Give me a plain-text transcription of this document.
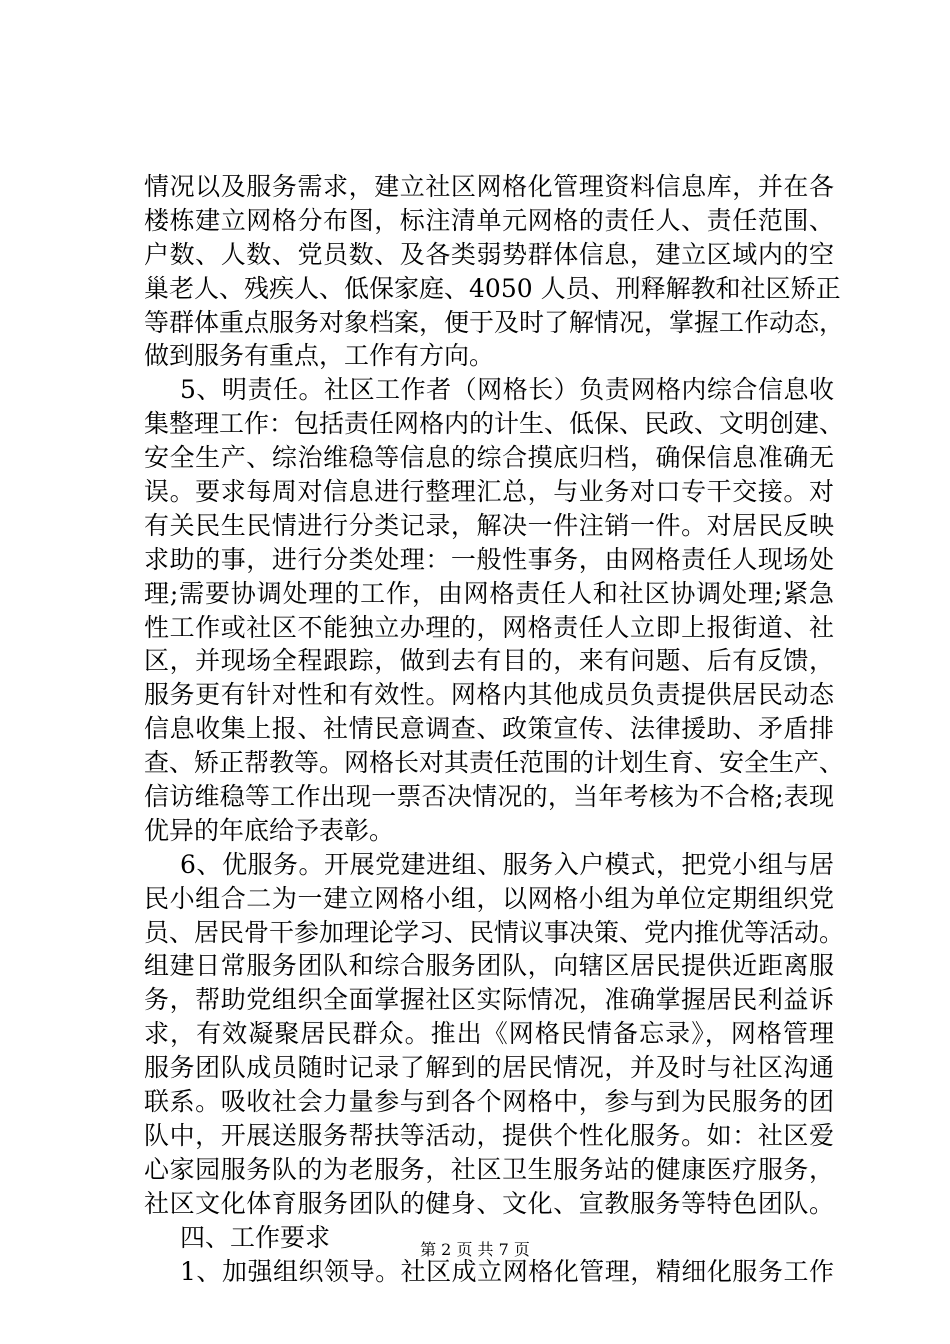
情况以及服务需求，建立社区网格化管理资料信息库，并在各
楼栋建立网格分布图，标注清单元网格的责任人、责任范围、
户数、人数、党员数、及各类弱势群体信息，建立区域内的空
巢老人、残疾人、低保家庭、4050 人员、刑释解教和社区矫正
等群体重点服务对象档案，便于及时了解情况，掌握工作动态，
做到服务有重点，工作有方向。
5、明责任。社区工作者（网格长）负责网格内综合信息收
集整理工作：包括责任网格内的计生、低保、民政、文明创建、
安全生产、综治维稳等信息的综合摸底归档，确保信息准确无
误。要求每周对信息进行整理汇总，与业务对口专干交接。对
有关民生民情进行分类记录，解决一件注销一件。对居民反映
求助的事，进行分类处理：一般性事务，由网格责任人现场处
理;需要协调处理的工作，由网格责任人和社区协调处理;紧急
性工作或社区不能独立办理的，网格责任人立即上报街道、社
区，并现场全程跟踪，做到去有目的，来有问题、后有反馈，
服务更有针对性和有效性。网格内其他成员负责提供居民动态
信息收集上报、社情民意调查、政策宣传、法律援助、矛盾排
查、矫正帮教等。网格长对其责任范围的计划生育、安全生产、
信访维稳等工作出现一票否决情况的，当年考核为不合格;表现
优异的年底给予表彰。
6、优服务。开展党建进组、服务入户模式，把党小组与居
民小组合二为一建立网格小组，以网格小组为单位定期组织党
员、居民骨干参加理论学习、民情议事决策、党内推优等活动。
组建日常服务团队和综合服务团队，向辖区居民提供近距离服
务，帮助党组织全面掌握社区实际情况，准确掌握居民利益诉
求，有效凝聚居民群众。推出《网格民情备忘录》，网格管理
服务团队成员随时记录了解到的居民情况，并及时与社区沟通
联系。吸收社会力量参与到各个网格中，参与到为民服务的团
队中，开展送服务帮扶等活动，提供个性化服务。如：社区爱
心家园服务队的为老服务，社区卫生服务站的健康医疗服务，
社区文化体育服务团队的健身、文化、宣教服务等特色团队。
四、工作要求
1、加强组织领导。社区成立网格化管理，精细化服务工作
第 2 页 共 7 页
